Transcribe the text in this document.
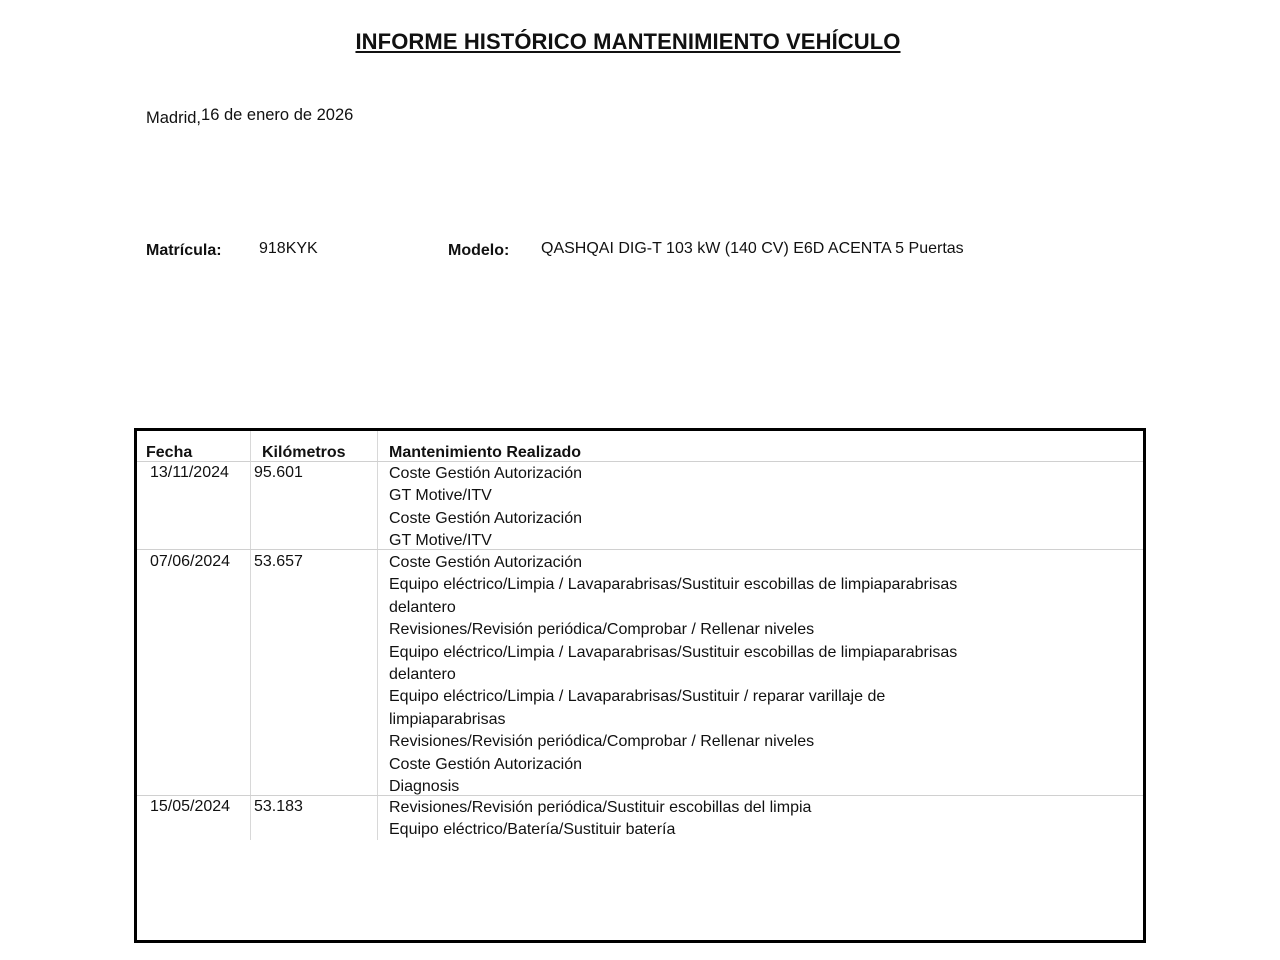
INFORME HISTÓRICO MANTENIMIENTO VEHÍCULO
Madrid,16 de enero de 2026
Matrícula: 918KYK	Modelo: QASHQAI DIG-T 103 kW (140 CV) E6D ACENTA 5 Puertas
Fecha	Kilómetros	Mantenimiento Realizado
13/11/2024 95.601	Coste Gestión Autorización
GT Motive/ITV
Coste Gestión Autorización
GT Motive/ITV
07/06/2024 53.657	Coste Gestión Autorización
Equipo eléctrico/Limpia / Lavaparabrisas/Sustituir escobillas de limpiaparabrisas
delantero
Revisiones/Revisión periódica/Comprobar / Rellenar niveles
Equipo eléctrico/Limpia / Lavaparabrisas/Sustituir escobillas de limpiaparabrisas
delantero
Equipo eléctrico/Limpia / Lavaparabrisas/Sustituir / reparar varillaje de
limpiaparabrisas
Revisiones/Revisión periódica/Comprobar / Rellenar niveles
Coste Gestión Autorización
Diagnosis
15/05/2024 53.183	Revisiones/Revisión periódica/Sustituir escobillas del limpia
Equipo eléctrico/Batería/Sustituir batería
